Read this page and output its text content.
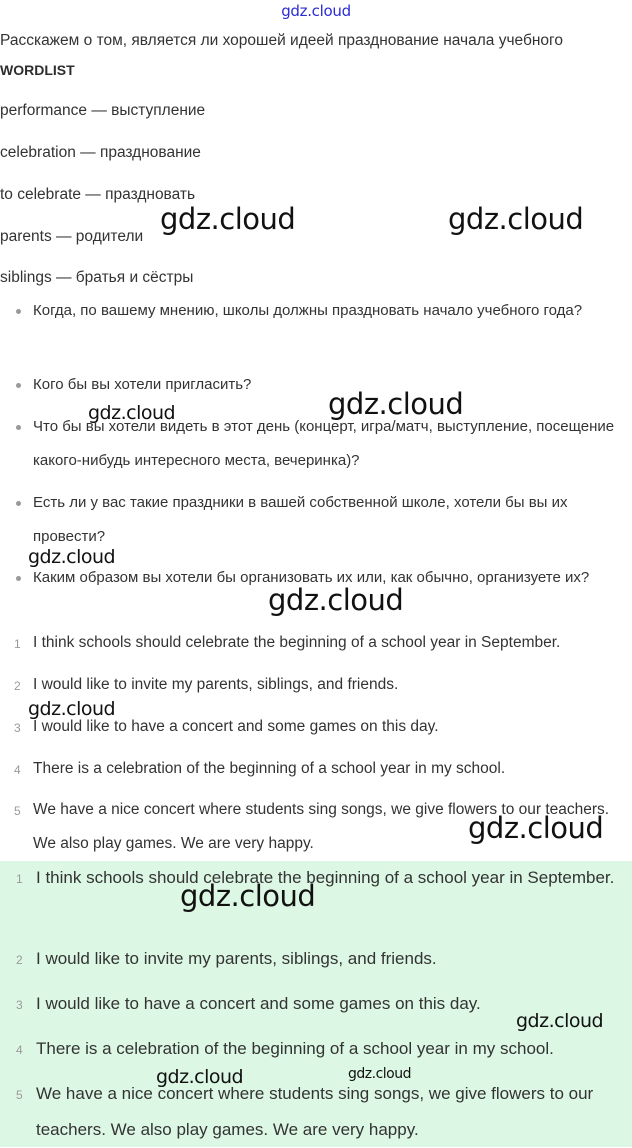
gdz.cloud
Расскажем о том, является ли хорошей идеей празднование начала учебного
WORDLIST
performance — выступление
celebration — празднование
to celebrate — праздновать
parents — родители
siblings — братья и сёстры
Когда, по вашему мнению, школы должны праздновать начало учебного года?
Кого бы вы хотели пригласить?
Что бы вы хотели видеть в этот день (концерт, игра/матч, выступление, посещение какого-нибудь интересного места, вечеринка)?
Есть ли у вас такие праздники в вашей собственной школе, хотели бы вы их провести?
Каким образом вы хотели бы организовать их или, как обычно, организуете их?
1 I think schools should celebrate the beginning of a school year in September.
2 I would like to invite my parents, siblings, and friends.
3 I would like to have a concert and some games on this day.
4 There is a celebration of the beginning of a school year in my school.
5 We have a nice concert where students sing songs, we give flowers to our teachers. We also play games. We are very happy.
1 I think schools should celebrate the beginning of a school year in September.
2 I would like to invite my parents, siblings, and friends.
3 I would like to have a concert and some games on this day.
4 There is a celebration of the beginning of a school year in my school.
5 We have a nice concert where students sing songs, we give flowers to our teachers. We also play games. We are very happy.
gdz.cloud	gdz.cloud
gdz.cloud	gdz.cloud
gdz.cloud
gdz.cloud
gdz.cloud
gdz.cloud
gdz.cloud
gdz.cloud
gdz.cloud	gdz.cloud
